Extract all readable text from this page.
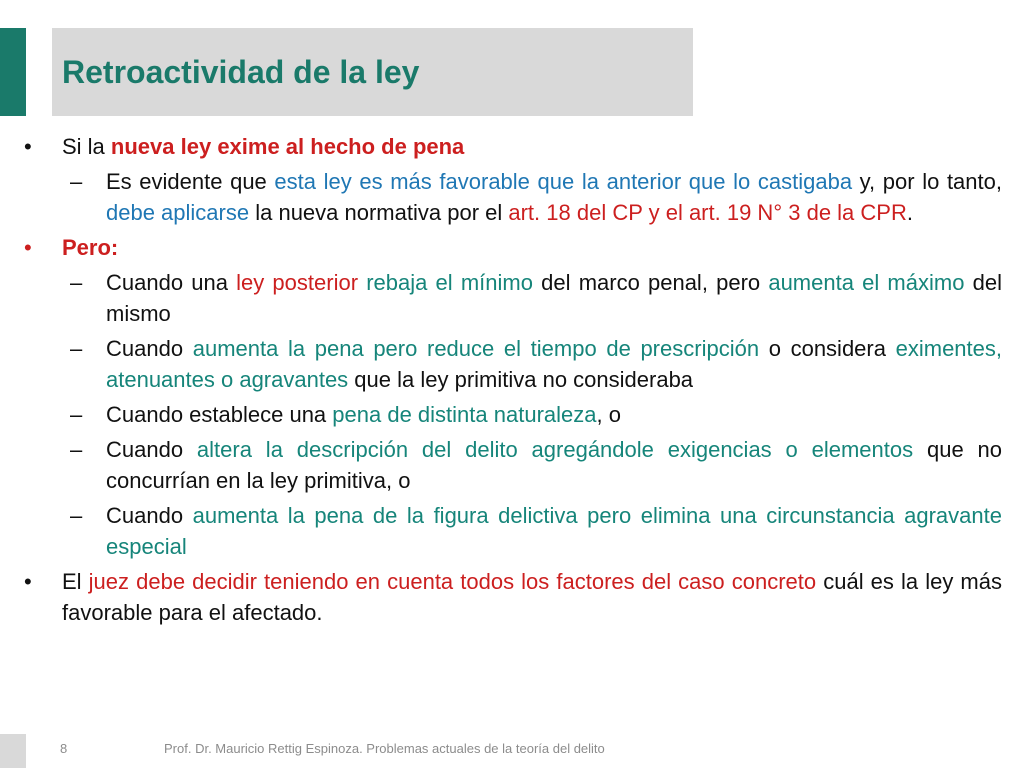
Retroactividad de la ley
• Si la nueva ley exime al hecho de pena
– Es evidente que esta ley es más favorable que la anterior que lo castigaba y, por lo tanto, debe aplicarse la nueva normativa por el art. 18 del CP y el art. 19 N° 3 de la CPR.
• Pero:
– Cuando una ley posterior rebaja el mínimo del marco penal, pero aumenta el máximo del mismo
– Cuando aumenta la pena pero reduce el tiempo de prescripción o considera eximentes, atenuantes o agravantes que la ley primitiva no consideraba
– Cuando establece una pena de distinta naturaleza, o
– Cuando altera la descripción del delito agregándole exigencias o elementos que no concurrían en la ley primitiva, o
– Cuando aumenta la pena de la figura delictiva pero elimina una circunstancia agravante especial
• El juez debe decidir teniendo en cuenta todos los factores del caso concreto cuál es la ley más favorable para el afectado.
8	Prof. Dr. Mauricio Rettig Espinoza. Problemas actuales de la teoría del delito
